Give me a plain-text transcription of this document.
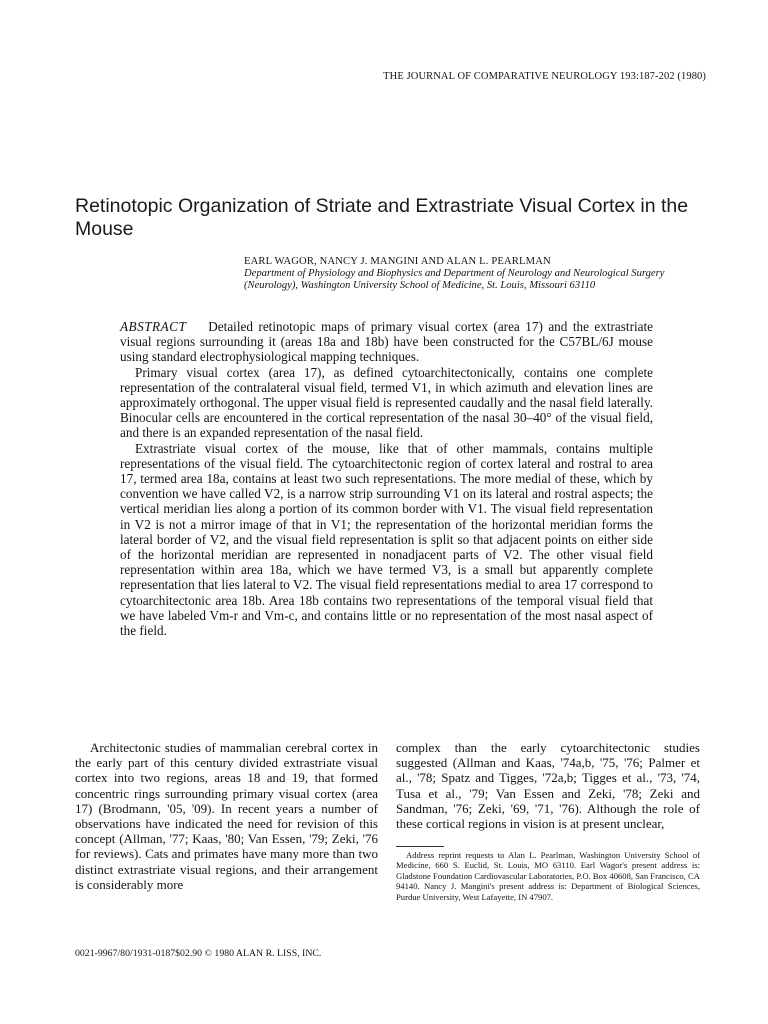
THE JOURNAL OF COMPARATIVE NEUROLOGY 193:187-202 (1980)
Retinotopic Organization of Striate and Extrastriate Visual Cortex in the Mouse
EARL WAGOR, NANCY J. MANGINI AND ALAN L. PEARLMAN
Department of Physiology and Biophysics and Department of Neurology and Neurological Surgery (Neurology), Washington University School of Medicine, St. Louis, Missouri 63110

ABSTRACT Detailed retinotopic maps of primary visual cortex (area 17) and the extrastriate visual regions surrounding it (areas 18a and 18b) have been constructed for the C57BL/6J mouse using standard electrophysiological mapping techniques.

Primary visual cortex (area 17), as defined cytoarchitectonically, contains one complete representation of the contralateral visual field, termed V1, in which azimuth and elevation lines are approximately orthogonal. The upper visual field is represented caudally and the nasal field laterally. Binocular cells are encountered in the cortical representation of the nasal 30–40° of the visual field, and there is an expanded representation of the nasal field.

Extrastriate visual cortex of the mouse, like that of other mammals, contains multiple representations of the visual field. The cytoarchitectonic region of cortex lateral and rostral to area 17, termed area 18a, contains at least two such representations. The more medial of these, which by convention we have called V2, is a narrow strip surrounding V1 on its lateral and rostral aspects; the vertical meridian lies along a portion of its common border with V1. The visual field representation in V2 is not a mirror image of that in V1; the representation of the horizontal meridian forms the lateral border of V2, and the visual field representation is split so that adjacent points on either side of the horizontal meridian are represented in nonadjacent parts of V2. The other visual field representation within area 18a, which we have termed V3, is a small but apparently complete representation that lies lateral to V2. The visual field representations medial to area 17 correspond to cytoarchitectonic area 18b. Area 18b contains two representations of the temporal visual field that we have labeled Vm-r and Vm-c, and contains little or no representation of the most nasal aspect of the field.

Architectonic studies of mammalian cerebral cortex in the early part of this century divided extrastriate visual cortex into two regions, areas 18 and 19, that formed concentric rings surrounding primary visual cortex (area 17) (Brodmann, '05, '09). In recent years a number of observations have indicated the need for revision of this concept (Allman, '77; Kaas, '80; Van Essen, '79; Zeki, '76 for reviews). Cats and primates have many more than two distinct extrastriate visual regions, and their arrangement is considerably more

complex than the early cytoarchitectonic studies suggested (Allman and Kaas, '74a,b, '75, '76; Palmer et al., '78; Spatz and Tigges, '72a,b; Tigges et al., '73, '74, Tusa et al., '79; Van Essen and Zeki, '78; Zeki and Sandman, '76; Zeki, '69, '71, '76). Although the role of these cortical regions in vision is at present unclear,

Address reprint requests to Alan L. Pearlman, Washington University School of Medicine, 660 S. Euclid, St. Louis, MO 63110. Earl Wagor's present address is: Gladstone Foundation Cardiovascular Laboratories, P.O. Box 40608, San Francisco, CA 94140. Nancy J. Mangini's present address is: Department of Biological Sciences, Purdue University, West Lafayette, IN 47907.

0021-9967/80/1931-0187$02.90 © 1980 ALAN R. LISS, INC.
